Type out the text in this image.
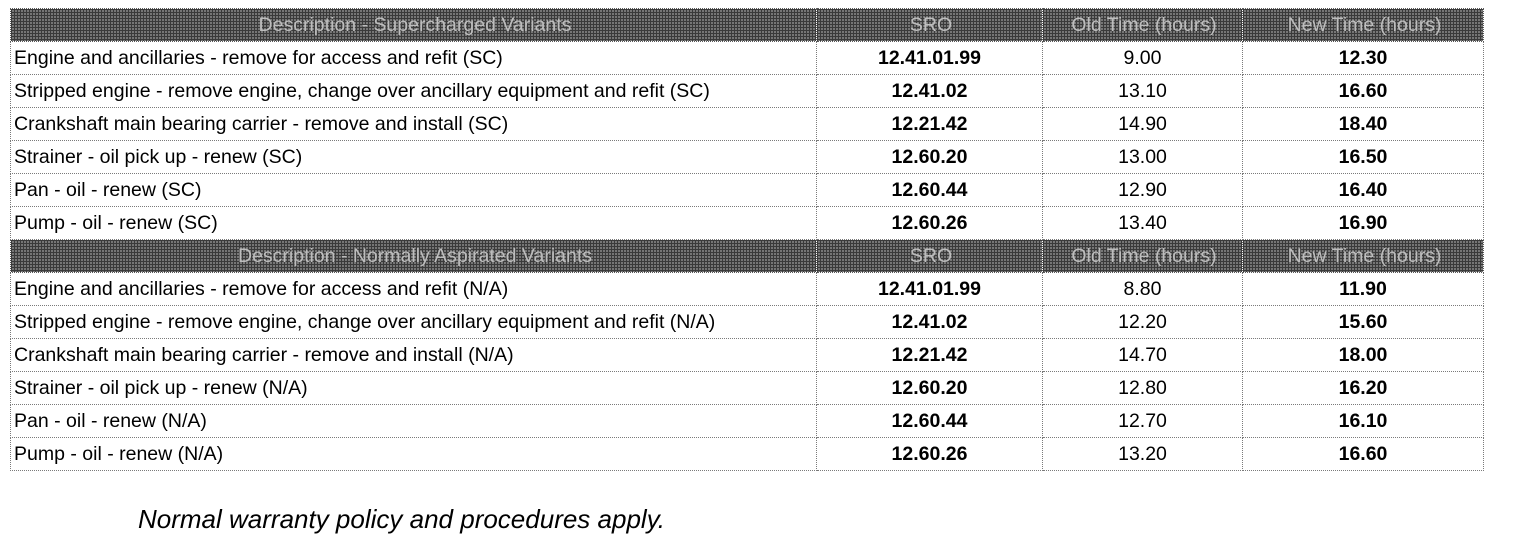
Description - Supercharged Variants	SRO	Old Time (hours)	New Time (hours)
Engine and ancillaries - remove for access and refit (SC)	12.41.01.99	9.00	12.30
Stripped engine - remove engine, change over ancillary equipment and refit (SC)	12.41.02	13.10	16.60
Crankshaft main bearing carrier - remove and install (SC)	12.21.42	14.90	18.40
Strainer - oil pick up - renew (SC)	12.60.20	13.00	16.50
Pan - oil - renew (SC)	12.60.44	12.90	16.40
Pump - oil - renew (SC)	12.60.26	13.40	16.90
Description - Normally Aspirated Variants	SRO	Old Time (hours)	New Time (hours)
Engine and ancillaries - remove for access and refit (N/A)	12.41.01.99	8.80	11.90
Stripped engine - remove engine, change over ancillary equipment and refit (N/A)	12.41.02	12.20	15.60
Crankshaft main bearing carrier - remove and install (N/A)	12.21.42	14.70	18.00
Strainer - oil pick up - renew (N/A)	12.60.20	12.80	16.20
Pan - oil - renew (N/A)	12.60.44	12.70	16.10
Pump - oil - renew (N/A)	12.60.26	13.20	16.60
Normal warranty policy and procedures apply.
